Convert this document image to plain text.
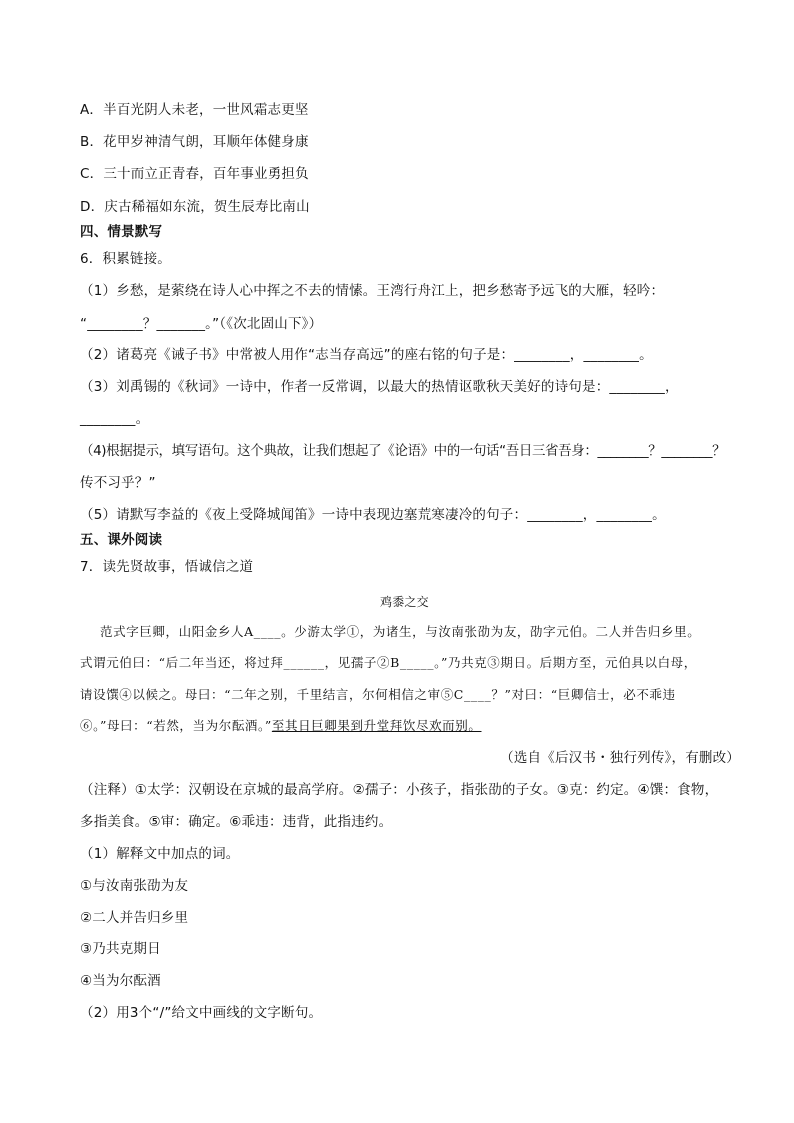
A．半百光阴人未老，一世风霜志更坚
B．花甲岁神清气朗，耳顺年体健身康
C．三十而立正青春，百年事业勇担负
D．庆古稀福如东流，贺生辰寿比南山
四、情景默写
6．积累链接。
（1）乡愁，是萦绕在诗人心中挥之不去的情愫。王湾行舟江上，把乡愁寄予远飞的大雁，轻吟：
“________？_______。”（《次北固山下》）
（2）诸葛亮《诫子书》中常被人用作“志当存高远”的座右铭的句子是：________，________。
（3）刘禹锡的《秋词》一诗中，作者一反常调，以最大的热情讴歌秋天美好的诗句是：________，
________。
（4)根据提示，填写语句。这个典故，让我们想起了《论语》中的一句话“吾日三省吾身：________？________？
传不习乎？”
（5）请默写李益的《夜上受降城闻笛》一诗中表现边塞荒寒凄冷的句子：________，________。
五、课外阅读
7．读先贤故事，悟诚信之道
鸡黍之交
范式字巨卿，山阳金乡人A____。少游太学①，为诸生，与汝南张劭为友，劭字元伯。二人并告归乡里。
式谓元伯曰：“后二年当还，将过拜______，见孺子②B_____。”乃共克③期日。后期方至，元伯具以白母，
请设馔④以候之。母曰：“二年之别，千里结言，尔何相信之审⑤C____？”对曰：“巨卿信士，必不乖违
⑥。”母曰：“若然，当为尔酝酒。”至其日巨卿果到升堂拜饮尽欢而别。
（选自《后汉书・独行列传》，有删改）
（注释）①太学：汉朝设在京城的最高学府。②孺子：小孩子，指张劭的子女。③克：约定。④馔：食物，
多指美食。⑤审：确定。⑥乖违：违背，此指违约。
（1）解释文中加点的词。
①与汝南张劭为友
②二人并告归乡里
③乃共克期日
④当为尔酝酒
（2）用3个“/”给文中画线的文字断句。
